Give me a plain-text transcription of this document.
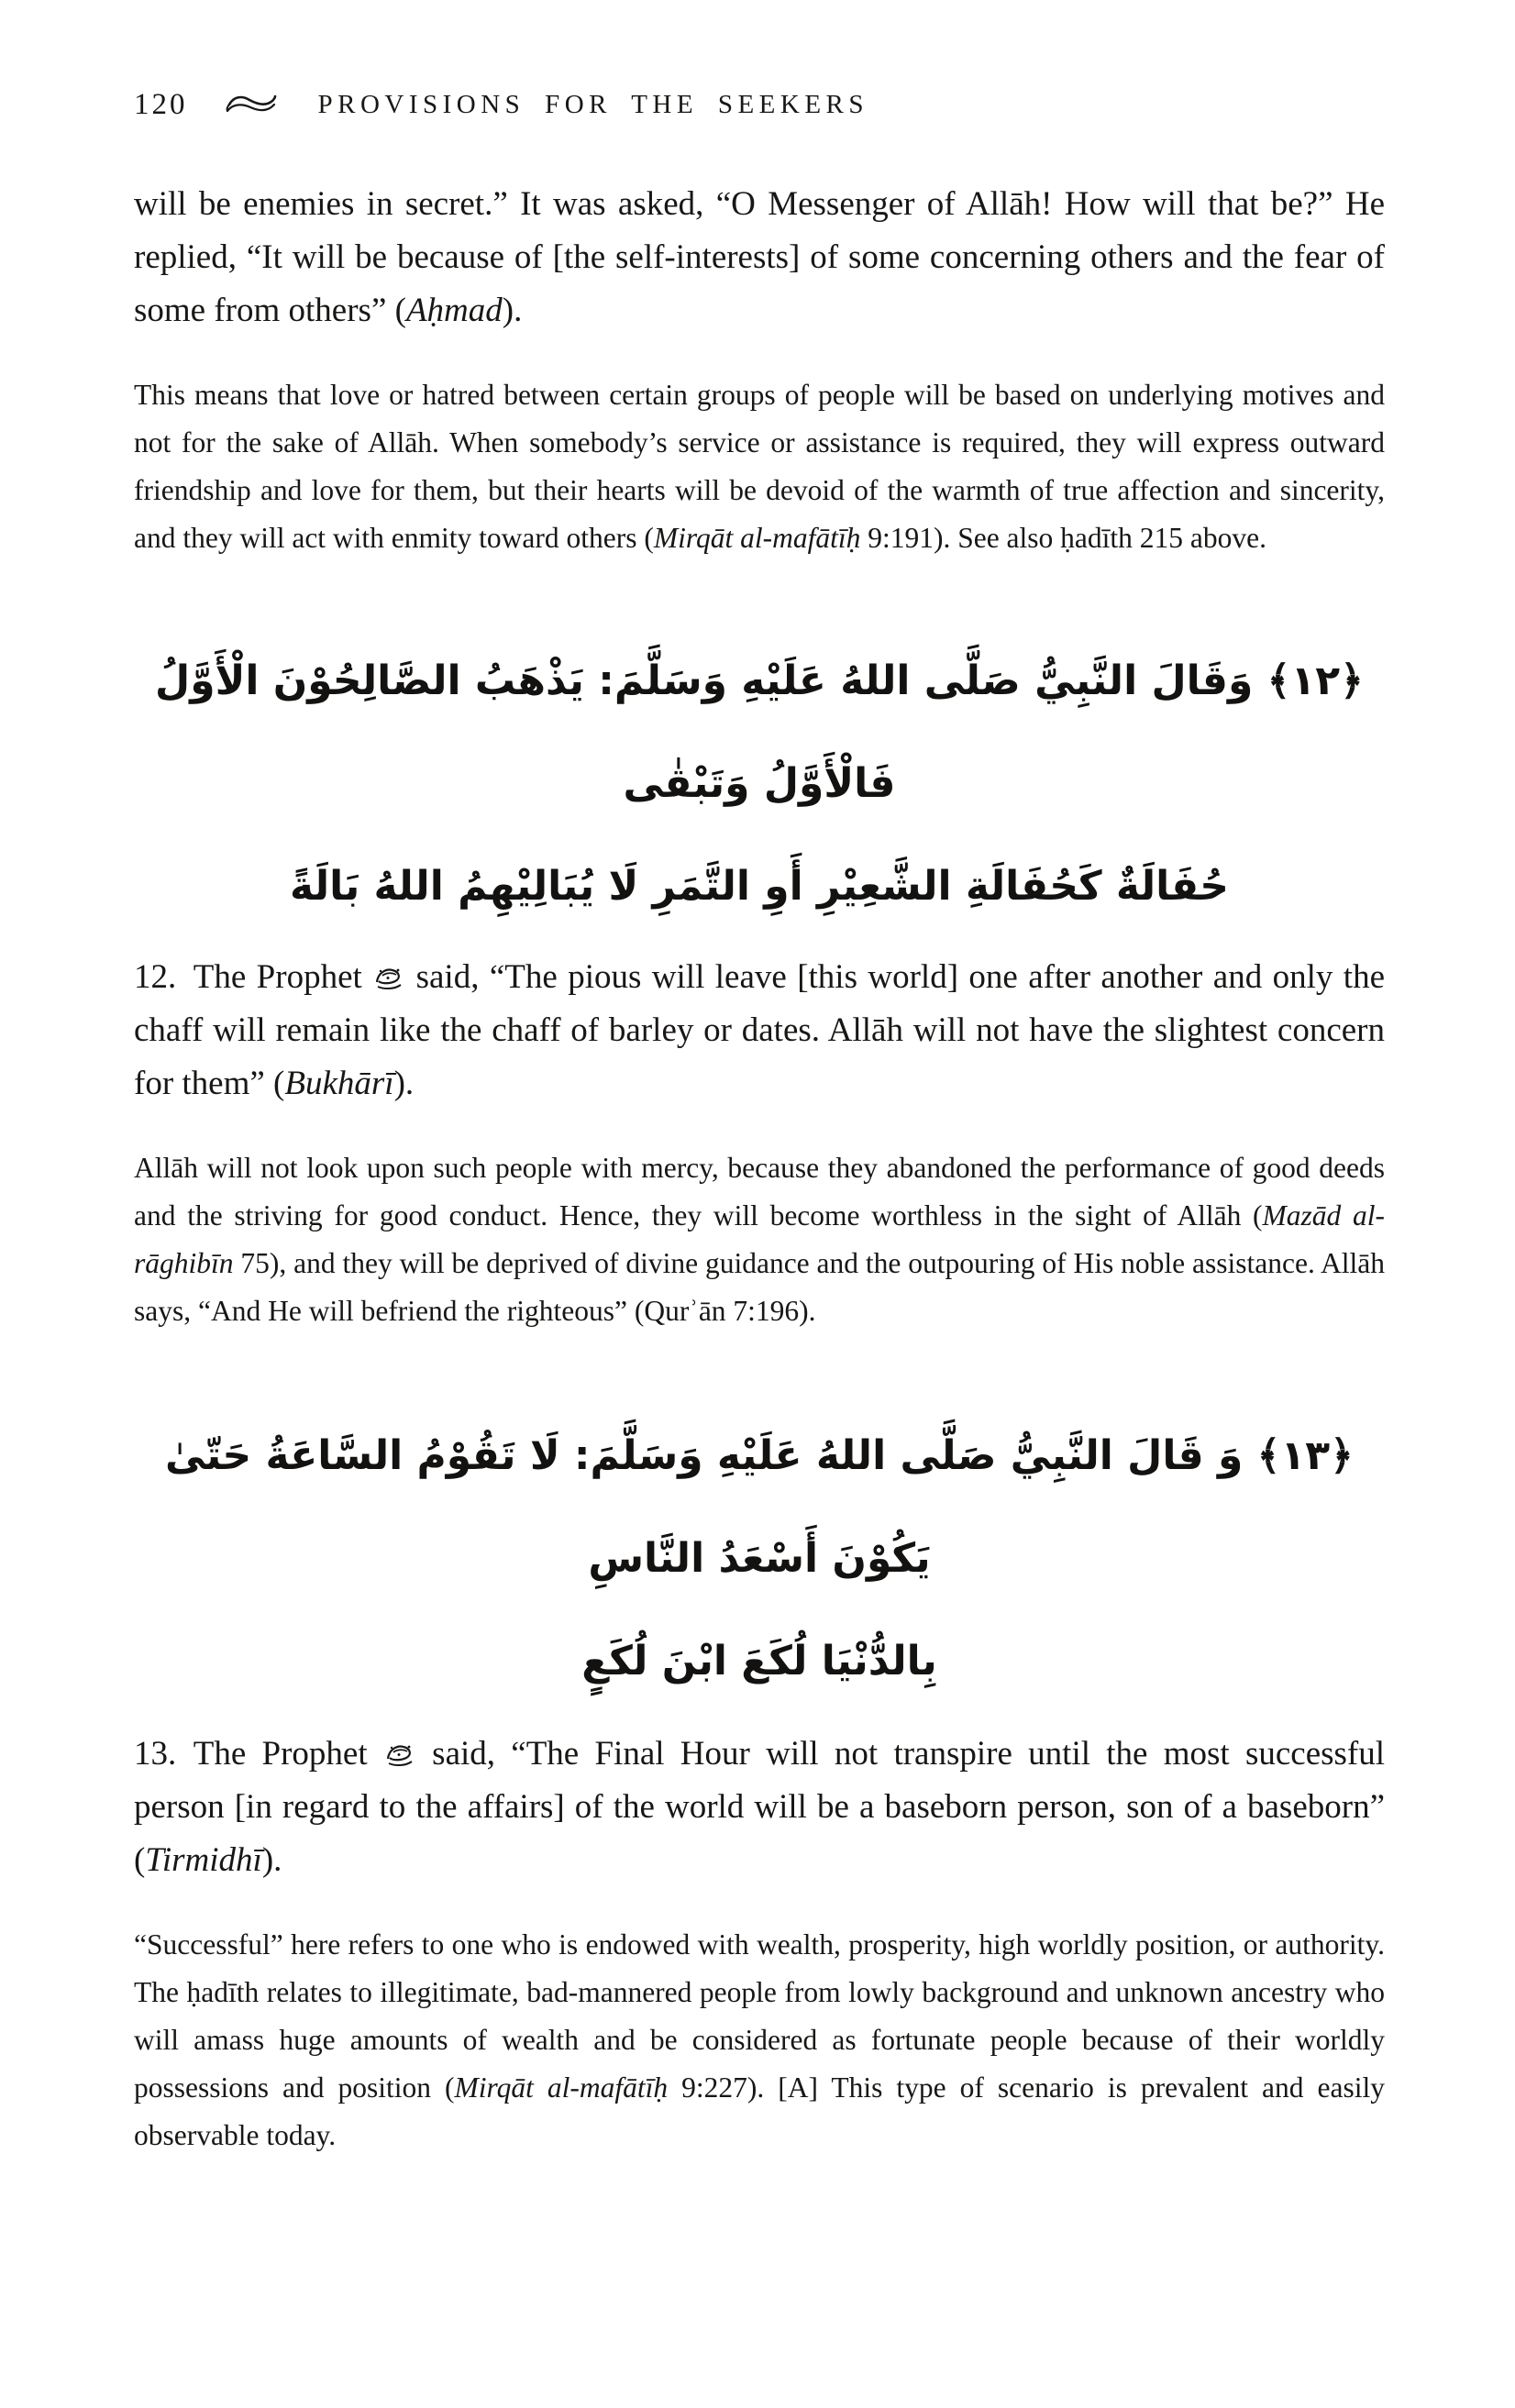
120	PROVISIONS FOR THE SEEKERS

will be enemies in secret.” It was asked, “O Messenger of Allāh! How will that be?” He replied, “It will be because of [the self-interests] of some concerning others and the fear of some from others” (Aḥmad).

This means that love or hatred between certain groups of people will be based on underlying motives and not for the sake of Allāh. When somebody’s service or assistance is required, they will express outward friendship and love for them, but their hearts will be devoid of the warmth of true affection and sincerity, and they will act with enmity toward others (Mirqāt al-mafātīḥ 9:191). See also ḥadīth 215 above.

﴿١٢﴾ وَقَالَ النَّبِيُّ صَلَّى اللهُ عَلَيْهِ وَسَلَّمَ: يَذْهَبُ الصَّالِحُوْنَ الْأَوَّلُ فَالْأَوَّلُ وَتَبْقٰى
حُفَالَةٌ كَحُفَالَةِ الشَّعِيْرِ أَوِ التَّمَرِ لَا يُبَالِيْهِمُ اللهُ بَالَةً

12. The Prophet  said, “The pious will leave [this world] one after another and only the chaff will remain like the chaff of barley or dates. Allāh will not have the slightest concern for them” (Bukhārī).

Allāh will not look upon such people with mercy, because they abandoned the performance of good deeds and the striving for good conduct. Hence, they will become worthless in the sight of Allāh (Mazād al-rāghibīn 75), and they will be deprived of divine guidance and the outpouring of His noble assistance. Allāh says, “And He will befriend the righteous” (Qurʾān 7:196).

﴿١٣﴾ وَ قَالَ النَّبِيُّ صَلَّى اللهُ عَلَيْهِ وَسَلَّمَ: لَا تَقُوْمُ السَّاعَةُ حَتّىٰ يَكُوْنَ أَسْعَدُ النَّاسِ
بِالدُّنْيَا لُكَعَ ابْنَ لُكَعٍ

13. The Prophet  said, “The Final Hour will not transpire until the most successful person [in regard to the affairs] of the world will be a baseborn person, son of a baseborn” (Tirmidhī).

“Successful” here refers to one who is endowed with wealth, prosperity, high worldly position, or authority. The ḥadīth relates to illegitimate, bad-mannered people from lowly background and unknown ancestry who will amass huge amounts of wealth and be considered as fortunate people because of their worldly possessions and position (Mirqāt al-mafātīḥ 9:227). [A] This type of scenario is prevalent and easily observable today.
